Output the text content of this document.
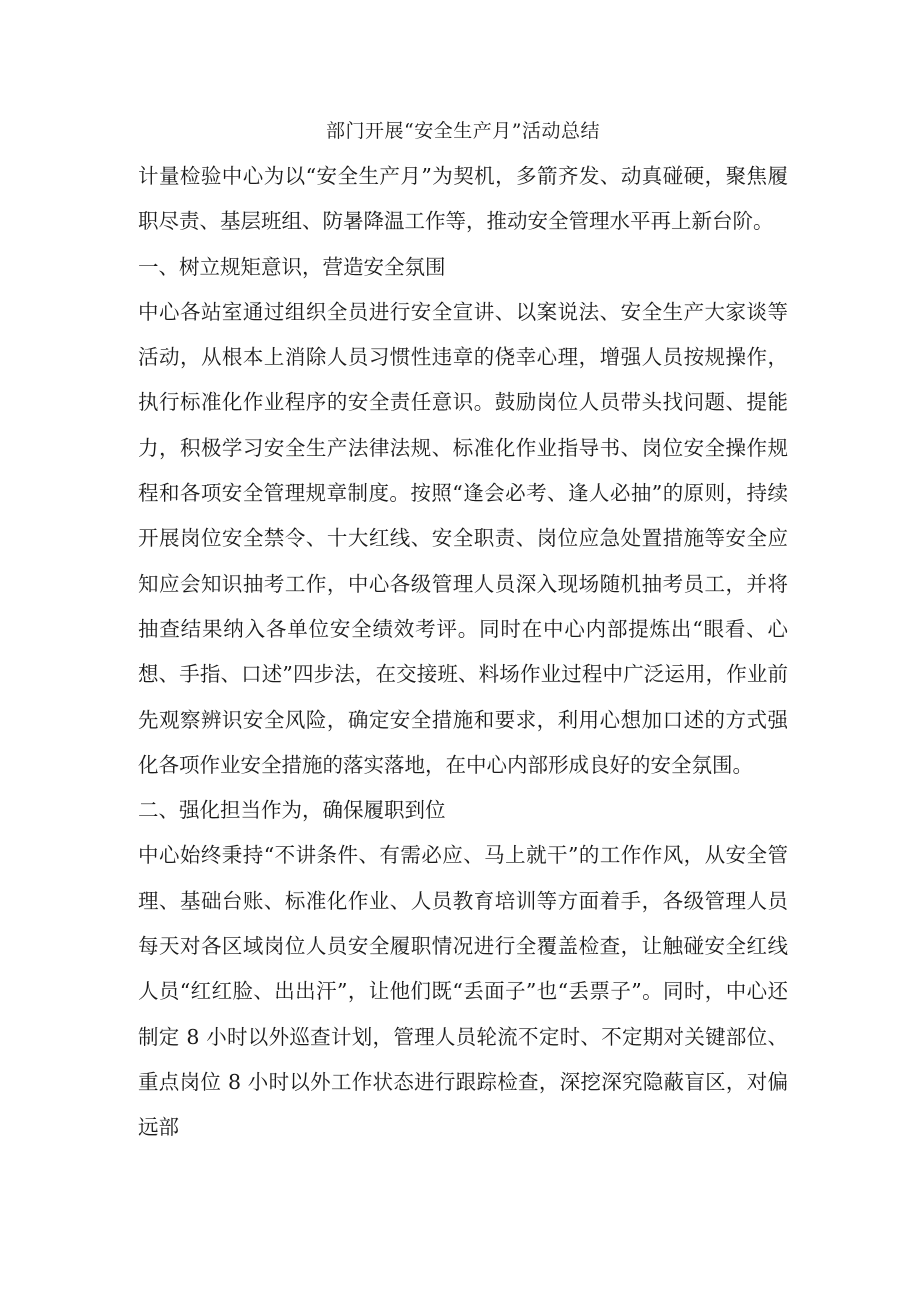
部门开展“安全生产月”活动总结

计量检验中心为以“安全生产月”为契机，多箭齐发、动真碰硬，聚焦履职尽责、基层班组、防暑降温工作等，推动安全管理水平再上新台阶。

一、树立规矩意识，营造安全氛围

中心各站室通过组织全员进行安全宣讲、以案说法、安全生产大家谈等活动，从根本上消除人员习惯性违章的侥幸心理，增强人员按规操作，执行标准化作业程序的安全责任意识。鼓励岗位人员带头找问题、提能力，积极学习安全生产法律法规、标准化作业指导书、岗位安全操作规程和各项安全管理规章制度。按照“逢会必考、逢人必抽”的原则，持续开展岗位安全禁令、十大红线、安全职责、岗位应急处置措施等安全应知应会知识抽考工作，中心各级管理人员深入现场随机抽考员工，并将抽查结果纳入各单位安全绩效考评。同时在中心内部提炼出“眼看、心想、手指、口述”四步法，在交接班、料场作业过程中广泛运用，作业前先观察辨识安全风险，确定安全措施和要求，利用心想加口述的方式强化各项作业安全措施的落实落地，在中心内部形成良好的安全氛围。

二、强化担当作为，确保履职到位

中心始终秉持“不讲条件、有需必应、马上就干”的工作作风，从安全管理、基础台账、标准化作业、人员教育培训等方面着手，各级管理人员每天对各区域岗位人员安全履职情况进行全覆盖检查，让触碰安全红线人员“红红脸、出出汗”，让他们既“丢面子”也“丢票子”。同时，中心还制定 8 小时以外巡查计划，管理人员轮流不定时、不定期对关键部位、重点岗位 8 小时以外工作状态进行跟踪检查，深挖深究隐蔽盲区，对偏远部
